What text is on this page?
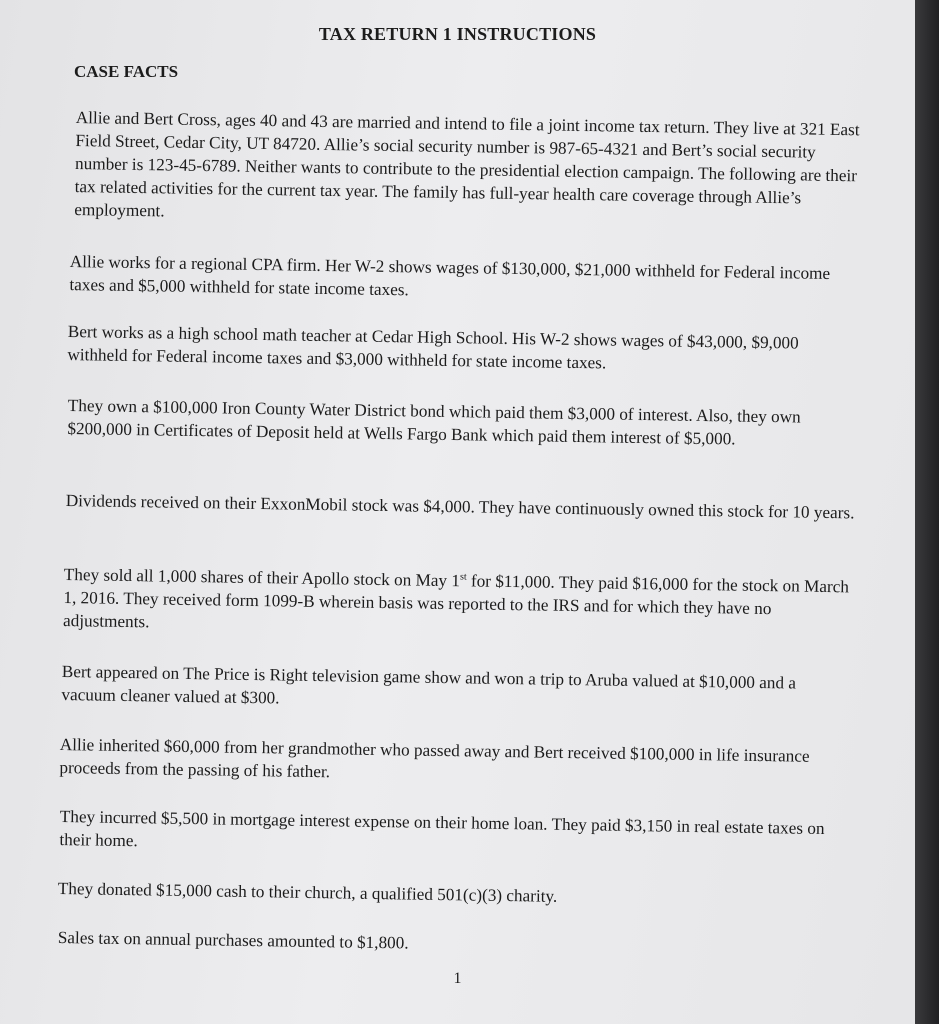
TAX RETURN 1 INSTRUCTIONS
CASE FACTS

Allie and Bert Cross, ages 40 and 43 are married and intend to file a joint income tax return. They live at 321 East Field Street, Cedar City, UT 84720. Allie’s social security number is 987-65-4321 and Bert’s social security number is 123-45-6789. Neither wants to contribute to the presidential election campaign. The following are their tax related activities for the current tax year. The family has full-year health care coverage through Allie’s employment.

Allie works for a regional CPA firm. Her W-2 shows wages of $130,000, $21,000 withheld for Federal income taxes and $5,000 withheld for state income taxes.

Bert works as a high school math teacher at Cedar High School. His W-2 shows wages of $43,000, $9,000 withheld for Federal income taxes and $3,000 withheld for state income taxes.

They own a $100,000 Iron County Water District bond which paid them $3,000 of interest. Also, they own $200,000 in Certificates of Deposit held at Wells Fargo Bank which paid them interest of $5,000.

Dividends received on their ExxonMobil stock was $4,000. They have continuously owned this stock for 10 years.

They sold all 1,000 shares of their Apollo stock on May 1st for $11,000. They paid $16,000 for the stock on March 1, 2016. They received form 1099-B wherein basis was reported to the IRS and for which they have no adjustments.

Bert appeared on The Price is Right television game show and won a trip to Aruba valued at $10,000 and a vacuum cleaner valued at $300.

Allie inherited $60,000 from her grandmother who passed away and Bert received $100,000 in life insurance proceeds from the passing of his father.

They incurred $5,500 in mortgage interest expense on their home loan. They paid $3,150 in real estate taxes on their home.

They donated $15,000 cash to their church, a qualified 501(c)(3) charity.

Sales tax on annual purchases amounted to $1,800.

1
